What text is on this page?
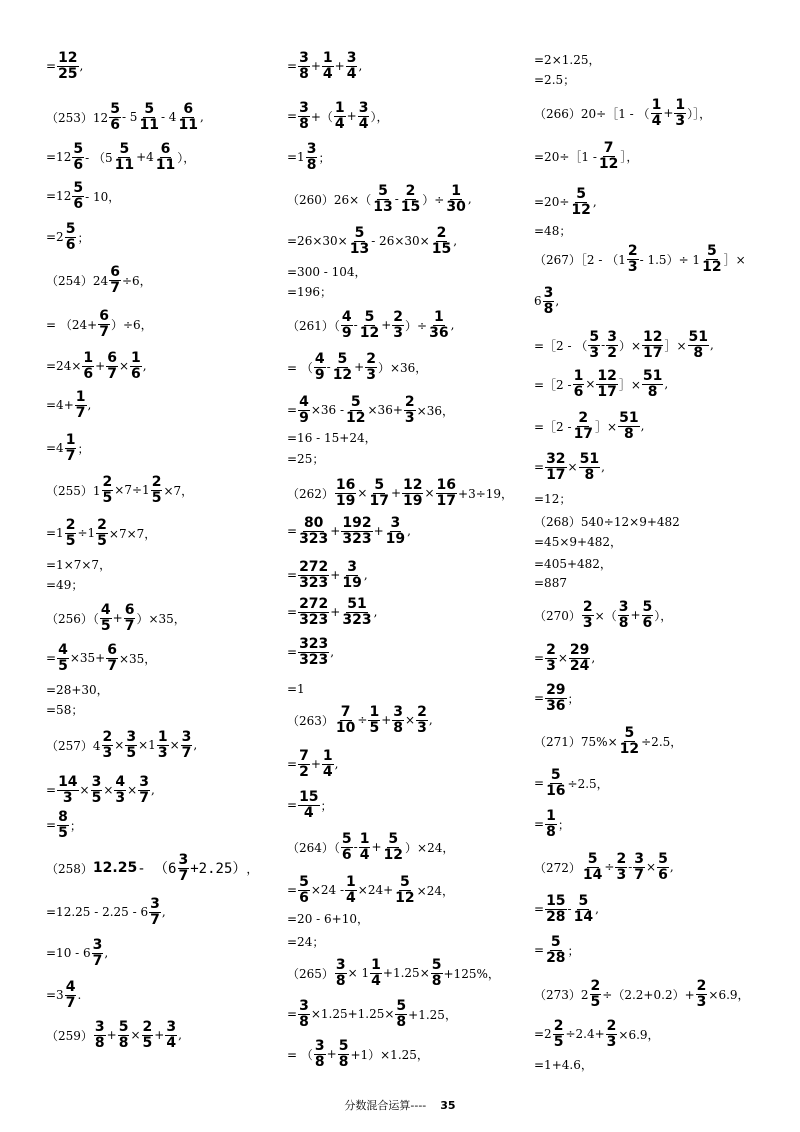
= $\frac{12}{25}$ ,
$(253)12 \frac{5}{6} - 5 \frac{5}{11} - 4 \frac{6}{11}$ ,
$=12 \frac{5}{6} - (5 \frac{5}{11} +4 \frac{6}{11}$ ），
$=12 \frac{5}{6} - 10$，
$=2 \frac{5}{6}$ ；
$(254)24 \frac{6}{7} \div 6$，
= $(24+ \frac{6}{7} )\div 6$，
$=24\times \frac{1}{6} + \frac{6}{7} \times \frac{1}{6}$ ,
$=4+ \frac{1}{7}$ ,
$=4 \frac{1}{7}$ ；
$(255)1 \frac{2}{5} \times 7\div 1 \frac{2}{5} \times 7$，
$=1 \frac{2}{5} \div 1 \frac{2}{5} \times 7\times 7$，
=1×7×7，
=49；
$(256)( \frac{4}{5} + \frac{6}{7} )\times 35$，
= $\frac{4}{5} \times 35+ \frac{6}{7} \times 35$，
=28+30，
=58；
$(257)4 \frac{2}{3} \times \frac{3}{5} \times 1 \frac{1}{3} \times \frac{3}{7}$ ,
= $\frac{14}{3} \times \frac{3}{5} \times \frac{4}{3} \times \frac{3}{7}$ ,
= $\frac{8}{5}$ ；
（258） $12.25 - (6 \frac{3}{7} +2.25)$ ，
$=12.25 - 2.25 - 6 \frac{3}{7}$ ,
$=10 - 6 \frac{3}{7}$ ,
$=3 \frac{4}{7}$ .
$(259) \frac{3}{8} + \frac{5}{8} \times \frac{2}{5} + \frac{3}{4}$ ,
= $\frac{3}{8} + \frac{1}{4} + \frac{3}{4}$ ,
= $\frac{3}{8}$ +（ $\frac{1}{4} + \frac{3}{4}$ ），
$=1 \frac{3}{8}$ ；
$(260)26\times( \frac{5}{13} - \frac{2}{15}$ ）÷ $\frac{1}{30}$ ,
$=26\times 30\times \frac{5}{13} - 26\times 30\times \frac{2}{15}$ ,
=300 - 104，
=196；
$(261)( \frac{4}{9} - \frac{5}{12} + \frac{2}{3}$ ）÷ $\frac{1}{36}$ ,
= （ $\frac{4}{9} - \frac{5}{12} + \frac{2}{3} )\times 36$，
= $\frac{4}{9} \times 36 - \frac{5}{12} \times 36+ \frac{2}{3} \times 36$，
=16 - 15+24，
=25；
$(262) \frac{16}{19} \times \frac{5}{17} + \frac{12}{19} \times \frac{16}{17} +3\div 19$，
= $\frac{80}{323} + \frac{192}{323} + \frac{3}{19}$ ,
= $\frac{272}{323} + \frac{3}{19}$ ,
= $\frac{272}{323} + \frac{51}{323}$ ,
= $\frac{323}{323}$ ,
=1
$(263) \frac{7}{10} \div \frac{1}{5} + \frac{3}{8} \times \frac{2}{3}$ ,
= $\frac{7}{2} + \frac{1}{4}$ ,
= $\frac{15}{4}$ ；
$(264)( \frac{5}{6} - \frac{1}{4} + \frac{5}{12} )\times 24$，
= $\frac{5}{6} \times 24 - \frac{1}{4} \times 24+ \frac{5}{12} \times 24$，
=20 - 6+10，
=24；
$(265) \frac{3}{8} \times 1 \frac{1}{4} +1.25\times \frac{5}{8} +125\%$，
= $\frac{3}{8} \times 1.25+1.25\times \frac{5}{8} +1.25$，
= （ $\frac{3}{8} + \frac{5}{8} +1)\times 1.25$，
=2×1.25，
=2.5；
（266）20÷［1 - （ $\frac{1}{4} + \frac{1}{3}$ ）］，
=20÷［1 - $\frac{7}{12}$ ］，
$=20\div \frac{5}{12}$ ,
=48；
（267）［2 - $(1 \frac{2}{3} - 1.5)\div 1 \frac{5}{12}$ ］×
$6 \frac{3}{8}$ ,
=［2 - （ $\frac{5}{3} - \frac{3}{2}$ ）× $\frac{12}{17}$ ］× $\frac{51}{8}$ ,
=［2 - $\frac{1}{6} \times \frac{12}{17}$ ］× $\frac{51}{8}$ ,
=［2 - $\frac{2}{17}$ ］× $\frac{51}{8}$ ,
= $\frac{32}{17} \times \frac{51}{8}$ ,
=12；
（268）540÷12×9+482
=45×9+482，
=405+482，
=887
$(270) \frac{2}{3}$ ×（ $\frac{3}{8} + \frac{5}{6}$ ），
= $\frac{2}{3} \times \frac{29}{24}$ ,
= $\frac{29}{36}$ ；
$(271)75\%\times \frac{5}{12} \div 2.5$，
= $\frac{5}{16} \div 2.5$，
= $\frac{1}{8}$ ；
$(272) \frac{5}{14} \div \frac{2}{3} - \frac{3}{7} \times \frac{5}{6}$ ,
= $\frac{15}{28} - \frac{5}{14}$ ,
= $\frac{5}{28}$ ；
$(273)2 \frac{2}{5} \div(2.2+0.2)+ \frac{2}{3} \times 6.9$，
$=2 \frac{2}{5} \div 2.4+ \frac{2}{3} \times 6.9$，
=1+4.6，
分数混合运算---- 35
